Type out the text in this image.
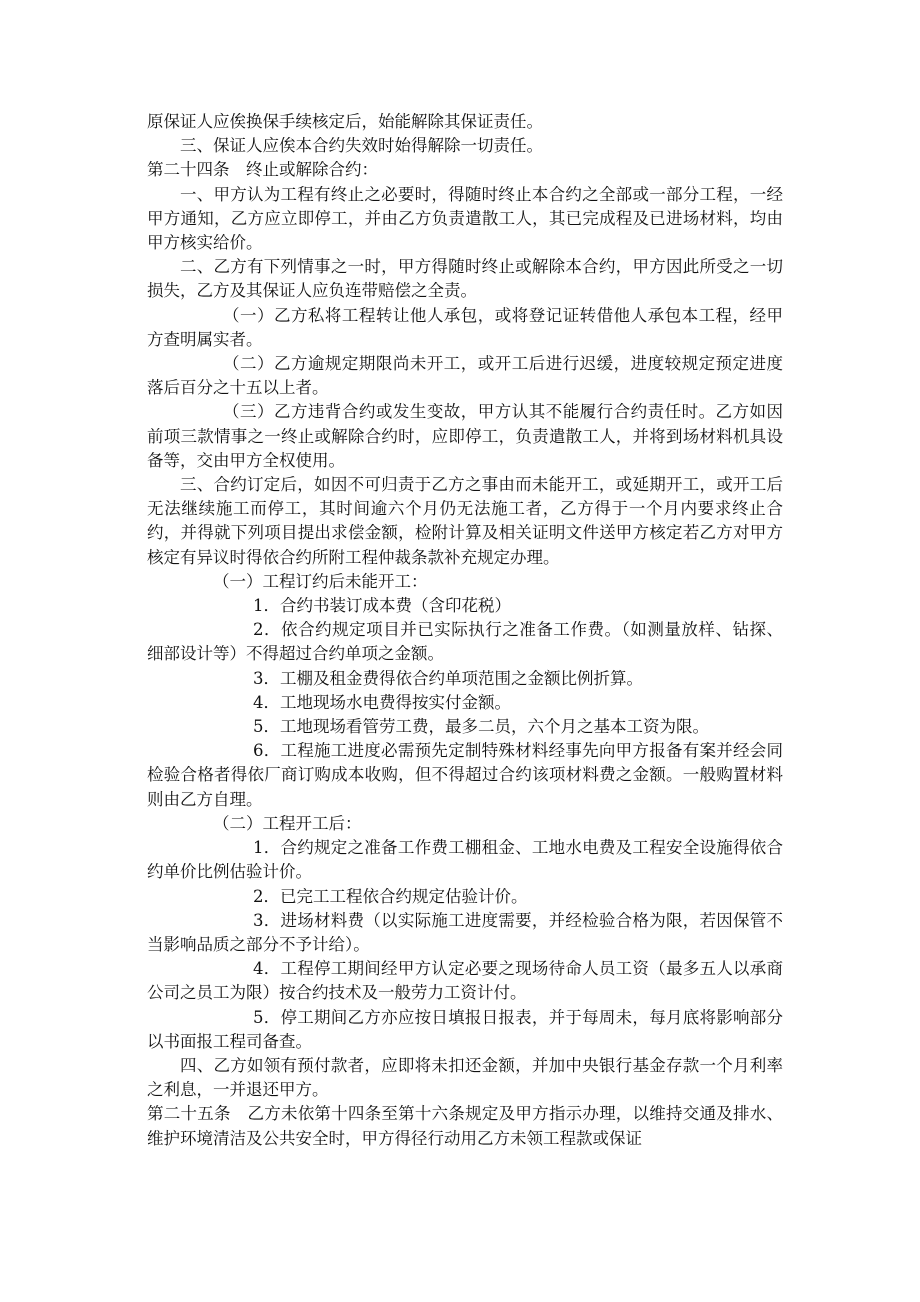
原保证人应俟换保手续核定后，始能解除其保证责任。

三、保证人应俟本合约失效时始得解除一切责任。

第二十四条　终止或解除合约：

一、甲方认为工程有终止之必要时，得随时终止本合约之全部或一部分工程，一经甲方通知，乙方应立即停工，并由乙方负责遣散工人，其已完成程及已进场材料，均由甲方核实给价。

二、乙方有下列情事之一时，甲方得随时终止或解除本合约，甲方因此所受之一切损失，乙方及其保证人应负连带赔偿之全责。

（一）乙方私将工程转让他人承包，或将登记证转借他人承包本工程，经甲方查明属实者。

（二）乙方逾规定期限尚未开工，或开工后进行迟缓，进度较规定预定进度落后百分之十五以上者。

（三）乙方违背合约或发生变故，甲方认其不能履行合约责任时。乙方如因前项三款情事之一终止或解除合约时，应即停工，负责遣散工人，并将到场材料机具设备等，交由甲方全权使用。

三、合约订定后，如因不可归责于乙方之事由而未能开工，或延期开工，或开工后无法继续施工而停工，其时间逾六个月仍无法施工者，乙方得于一个月内要求终止合约，并得就下列项目提出求偿金额，检附计算及相关证明文件送甲方核定若乙方对甲方核定有异议时得依合约所附工程仲裁条款补充规定办理。

（一）工程订约后未能开工：

1．合约书装订成本费（含印花税）

2．依合约规定项目并已实际执行之准备工作费。（如测量放样、钻探、细部设计等）不得超过合约单项之金额。

3．工棚及租金费得依合约单项范围之金额比例折算。

4．工地现场水电费得按实付金额。

5．工地现场看管劳工费，最多二员，六个月之基本工资为限。

6．工程施工进度必需预先定制特殊材料经事先向甲方报备有案并经会同检验合格者得依厂商订购成本收购，但不得超过合约该项材料费之金额。一般购置材料则由乙方自理。

（二）工程开工后：

1．合约规定之准备工作费工棚租金、工地水电费及工程安全设施得依合约单价比例估验计价。

2．已完工工程依合约规定估验计价。

3．进场材料费（以实际施工进度需要，并经检验合格为限，若因保管不当影响品质之部分不予计给）。

4．工程停工期间经甲方认定必要之现场待命人员工资（最多五人以承商公司之员工为限）按合约技术及一般劳力工资计付。

5．停工期间乙方亦应按日填报日报表，并于每周未，每月底将影响部分以书面报工程司备查。

四、乙方如领有预付款者，应即将未扣还金额，并加中央银行基金存款一个月利率之利息，一并退还甲方。

第二十五条　乙方未依第十四条至第十六条规定及甲方指示办理，以维持交通及排水、维护环境清洁及公共安全时，甲方得径行动用乙方未领工程款或保证
